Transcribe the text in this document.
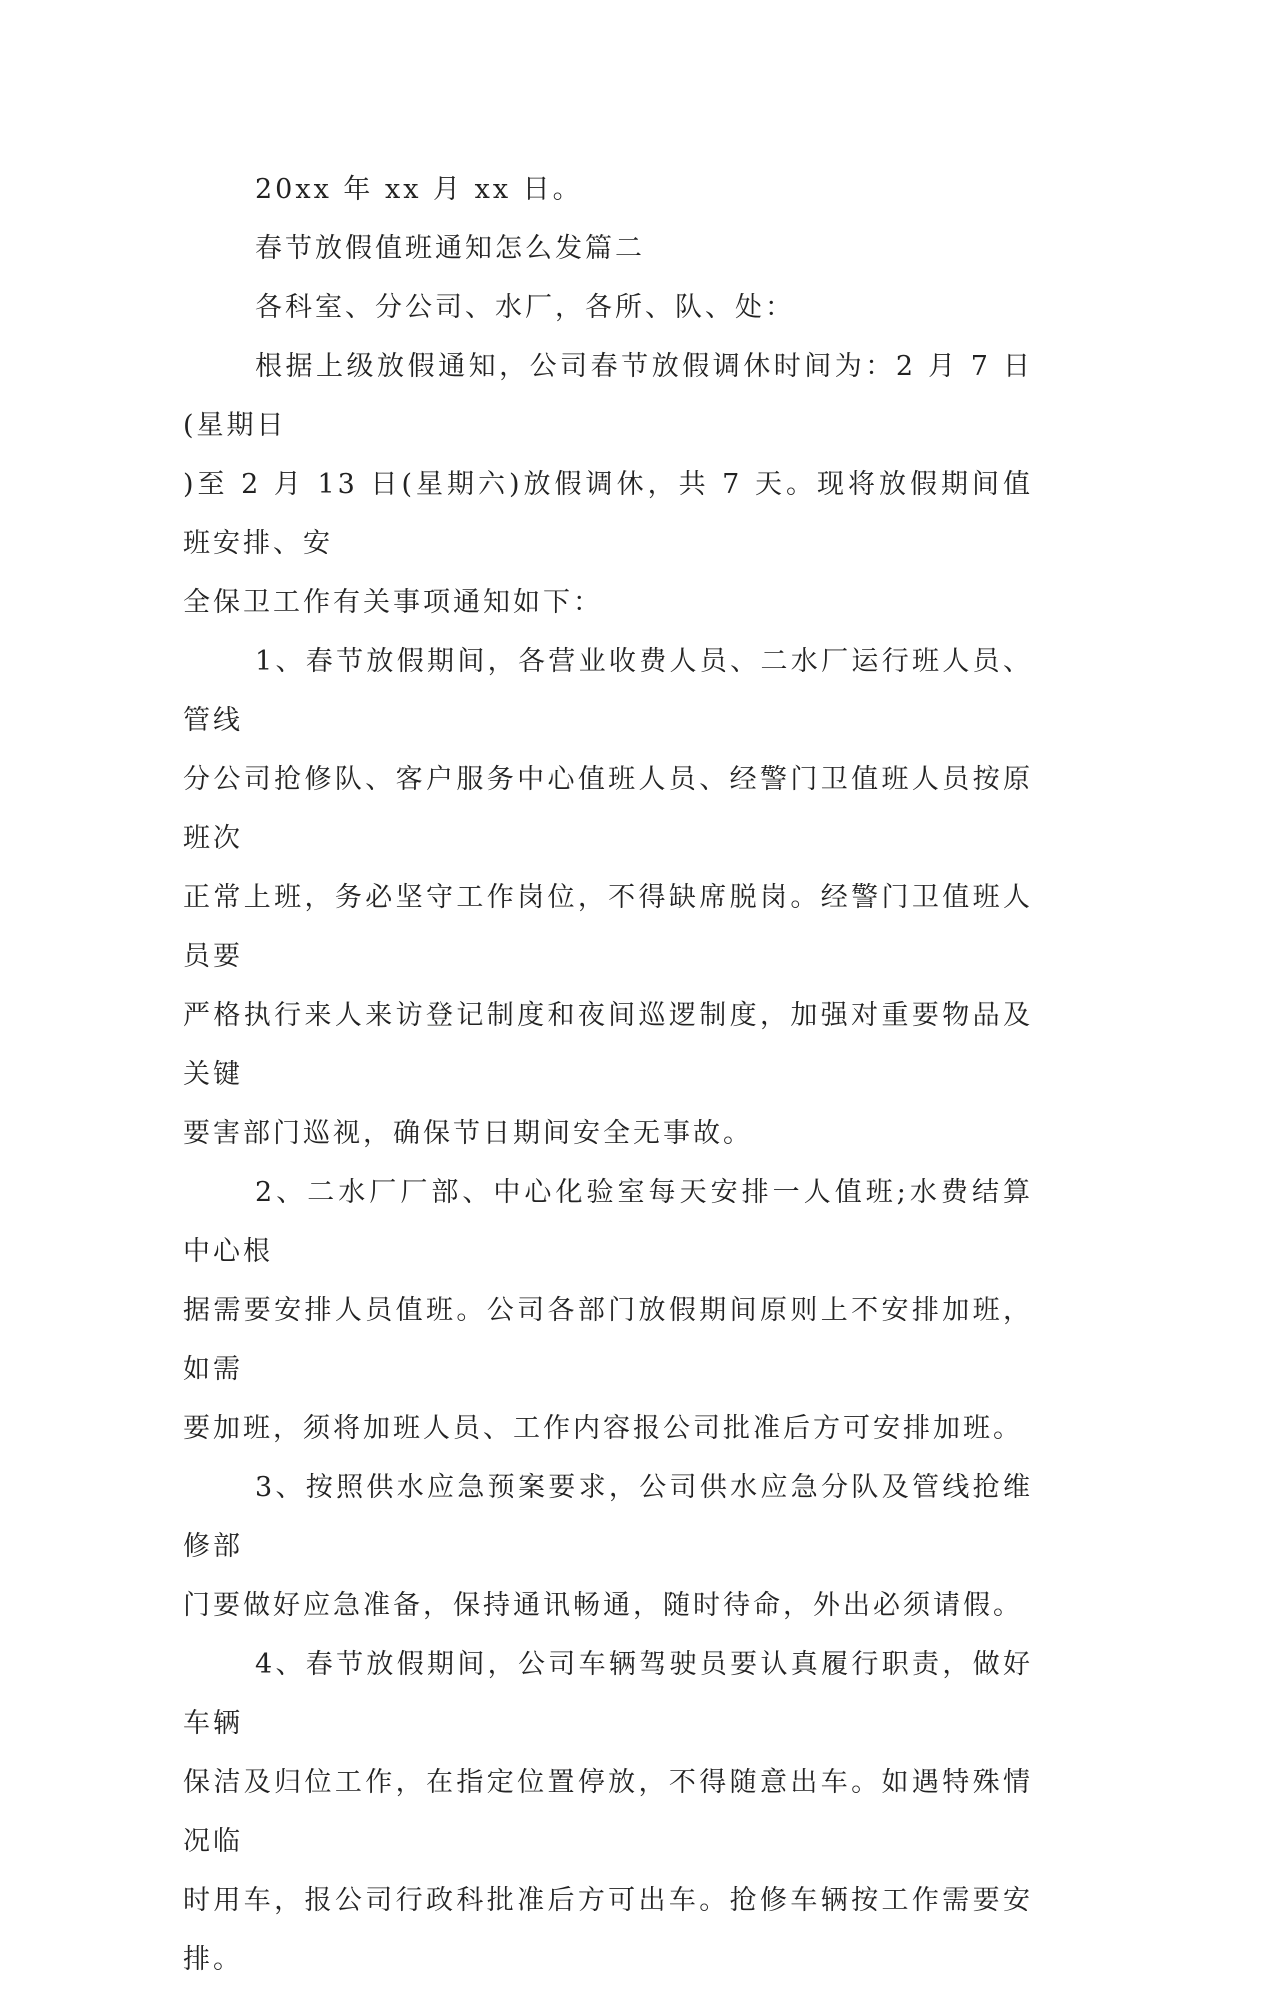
20xx 年 xx 月 xx 日。

春节放假值班通知怎么发篇二

各科室、分公司、水厂，各所、队、处：

根据上级放假通知，公司春节放假调休时间为：2 月 7 日(星期日
)至 2 月 13 日(星期六)放假调休，共 7 天。现将放假期间值班安排、安
全保卫工作有关事项通知如下：

1、春节放假期间，各营业收费人员、二水厂运行班人员、管线
分公司抢修队、客户服务中心值班人员、经警门卫值班人员按原班次
正常上班，务必坚守工作岗位，不得缺席脱岗。经警门卫值班人员要
严格执行来人来访登记制度和夜间巡逻制度，加强对重要物品及关键
要害部门巡视，确保节日期间安全无事故。

2、二水厂厂部、中心化验室每天安排一人值班;水费结算中心根
据需要安排人员值班。公司各部门放假期间原则上不安排加班，如需
要加班，须将加班人员、工作内容报公司批准后方可安排加班。

3、按照供水应急预案要求，公司供水应急分队及管线抢维修部
门要做好应急准备，保持通讯畅通，随时待命，外出必须请假。

4、春节放假期间，公司车辆驾驶员要认真履行职责，做好车辆
保洁及归位工作，在指定位置停放，不得随意出车。如遇特殊情况临
时用车，报公司行政科批准后方可出车。抢修车辆按工作需要安排。
